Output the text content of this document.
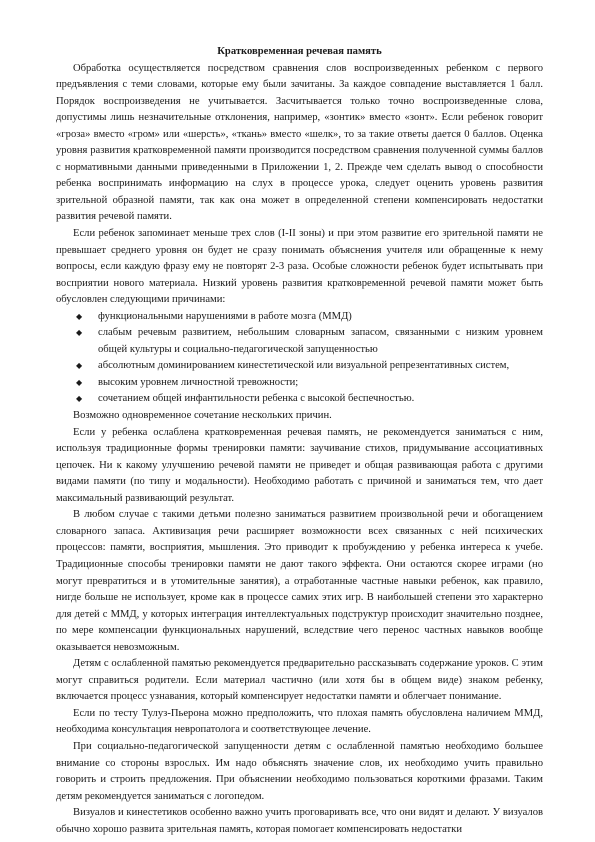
Кратковременная речевая память

Обработка осуществляется посредством сравнения слов воспроизведенных ребенком с первого предъявления с теми словами, которые ему были зачитаны. За каждое совпадение выставляется 1 балл. Порядок воспроизведения не учитывается. Засчитывается только точно воспроизведенные слова, допустимы лишь незначительные отклонения, например, «зонтик» вместо «зонт». Если ребенок говорит «гроза» вместо «гром» или «шерсть», «ткань» вместо «шелк», то за такие ответы дается 0 баллов. Оценка уровня развития кратковременной памяти производится посредством сравнения полученной суммы баллов с нормативными данными приведенными в Приложении 1, 2. Прежде чем сделать вывод о способности ребенка воспринимать информацию на слух в процессе урока, следует оценить уровень развития зрительной образной памяти, так как она может в определенной степени компенсировать недостатки развития речевой памяти.

Если ребенок запоминает меньше трех слов (I-II зоны) и при этом развитие его зрительной памяти не превышает среднего уровня он будет не сразу понимать объяснения учителя или обращенные к нему вопросы, если каждую фразу ему не повторят 2-3 раза. Особые сложности ребенок будет испытывать при восприятии нового материала. Низкий уровень развития кратковременной речевой памяти может быть обусловлен следующими причинами:

◆ функциональными нарушениями в работе мозга (ММД)
◆ слабым речевым развитием, небольшим словарным запасом, связанными с низким уровнем общей культуры и социально-педагогической запущенностью
◆ абсолютным доминированием кинестетической или визуальной репрезентативных систем,
◆ высоким уровнем личностной тревожности;
◆ сочетанием общей инфантильности ребенка с высокой беспечностью.

Возможно одновременное сочетание нескольких причин.

Если у ребенка ослаблена кратковременная речевая память, не рекомендуется заниматься с ним, используя традиционные формы тренировки памяти: заучивание стихов, придумывание ассоциативных цепочек. Ни к какому улучшению речевой памяти не приведет и общая развивающая работа с другими видами памяти (по типу и модальности). Необходимо работать с причиной и заниматься тем, что дает максимальный развивающий результат.

В любом случае с такими детьми полезно заниматься развитием произвольной речи и обогащением словарного запаса. Активизация речи расширяет возможности всех связанных с ней психических процессов: памяти, восприятия, мышления. Это приводит к пробуждению у ребенка интереса к учебе. Традиционные способы тренировки памяти не дают такого эффекта. Они остаются скорее играми (но могут превратиться и в утомительные занятия), а отработанные частные навыки ребенок, как правило, нигде больше не использует, кроме как в процессе самих этих игр. В наибольшей степени это характерно для детей с ММД, у которых интеграция интеллектуальных подструктур происходит значительно позднее, по мере компенсации функциональных нарушений, вследствие чего перенос частных навыков вообще оказывается невозможным.

Детям с ослабленной памятью рекомендуется предварительно рассказывать содержание уроков. С этим могут справиться родители. Если материал частично (или хотя бы в общем виде) знаком ребенку, включается процесс узнавания, который компенсирует недостатки памяти и облегчает понимание.

Если по тесту Тулуз-Пьерона можно предположить, что плохая память обусловлена наличием ММД, необходима консультация невропатолога и соответствующее лечение.

При социально-педагогической запущенности детям с ослабленной памятью необходимо большее внимание со стороны взрослых. Им надо объяснять значение слов, их необходимо учить правильно говорить и строить предложения. При объяснении необходимо пользоваться короткими фразами. Таким детям рекомендуется заниматься с логопедом.

Визуалов и кинестетиков особенно важно учить проговаривать все, что они видят и делают. У визуалов обычно хорошо развита зрительная память, которая помогает компенсировать недостатки
